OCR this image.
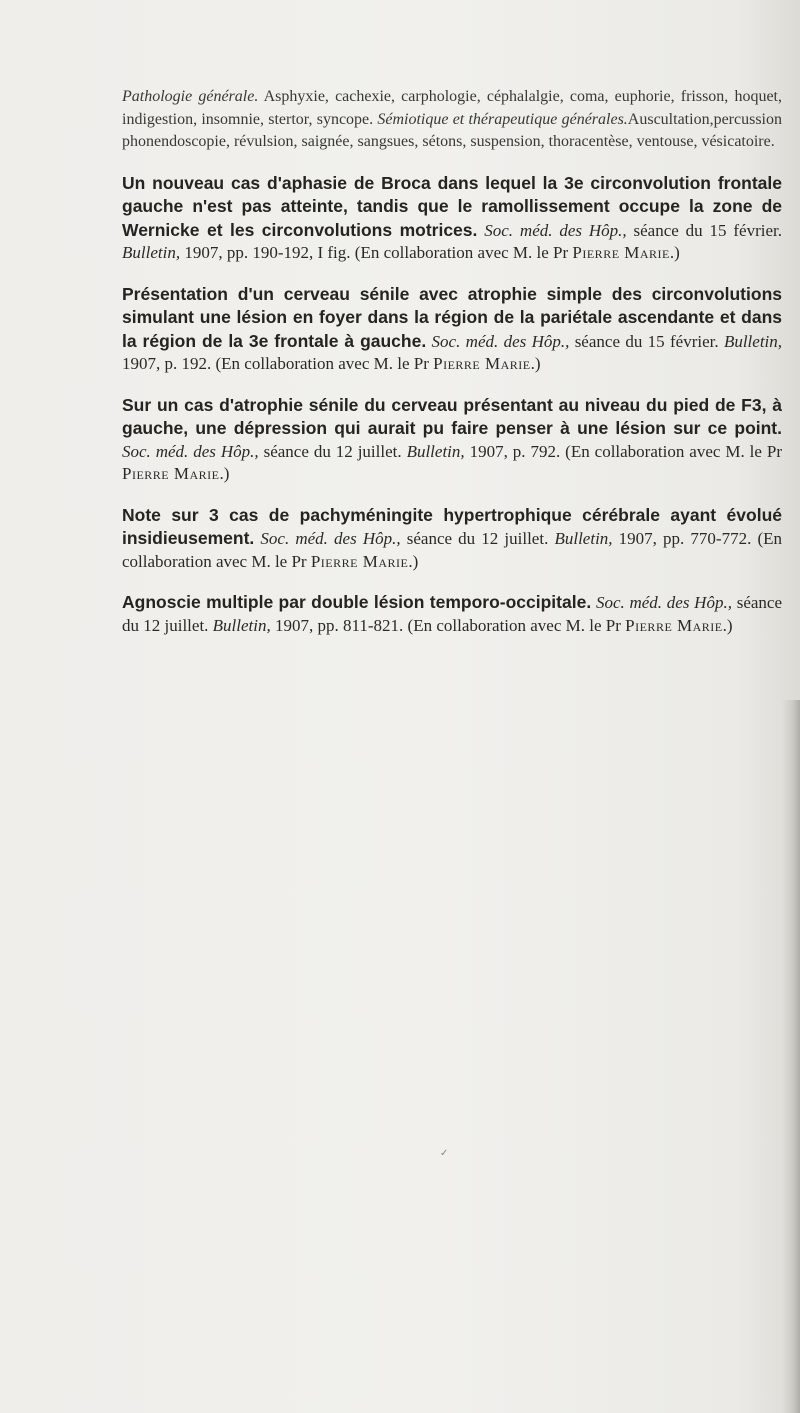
Pathologie générale. Asphyxie, cachexie, carphologie, céphalalgie, coma, euphorie, frisson, hoquet, indigestion, insomnie, stertor, syncope. Sémiotique et thérapeutique générales.Auscultation,percussion phonendoscopie, révulsion, saignée, sangsues, sétons, suspension, thoracentèse, ventouse, vésicatoire.

Un nouveau cas d'aphasie de Broca dans lequel la 3e circonvolution frontale gauche n'est pas atteinte, tandis que le ramollissement occupe la zone de Wernicke et les circonvolutions motrices. Soc. méd. des Hôp., séance du 15 février. Bulletin, 1907, pp. 190-192, I fig. (En collaboration avec M. le Pr Pierre Marie.)

Présentation d'un cerveau sénile avec atrophie simple des circonvolutions simulant une lésion en foyer dans la région de la pariétale ascendante et dans la région de la 3e frontale à gauche. Soc. méd. des Hôp., séance du 15 février. Bulletin, 1907, p. 192. (En collaboration avec M. le Pr Pierre Marie.)

Sur un cas d'atrophie sénile du cerveau présentant au niveau du pied de F3, à gauche, une dépression qui aurait pu faire penser à une lésion sur ce point. Soc. méd. des Hôp., séance du 12 juillet. Bulletin, 1907, p. 792. (En collaboration avec M. le Pr Pierre Marie.)

Note sur 3 cas de pachyméningite hypertrophique cérébrale ayant évolué insidieusement. Soc. méd. des Hôp., séance du 12 juillet. Bulletin, 1907, pp. 770-772. (En collaboration avec M. le Pr Pierre Marie.)

Agnoscie multiple par double lésion temporo-occipitale. Soc. méd. des Hôp., séance du 12 juillet. Bulletin, 1907, pp. 811-821. (En collaboration avec M. le Pr Pierre Marie.)

✓
